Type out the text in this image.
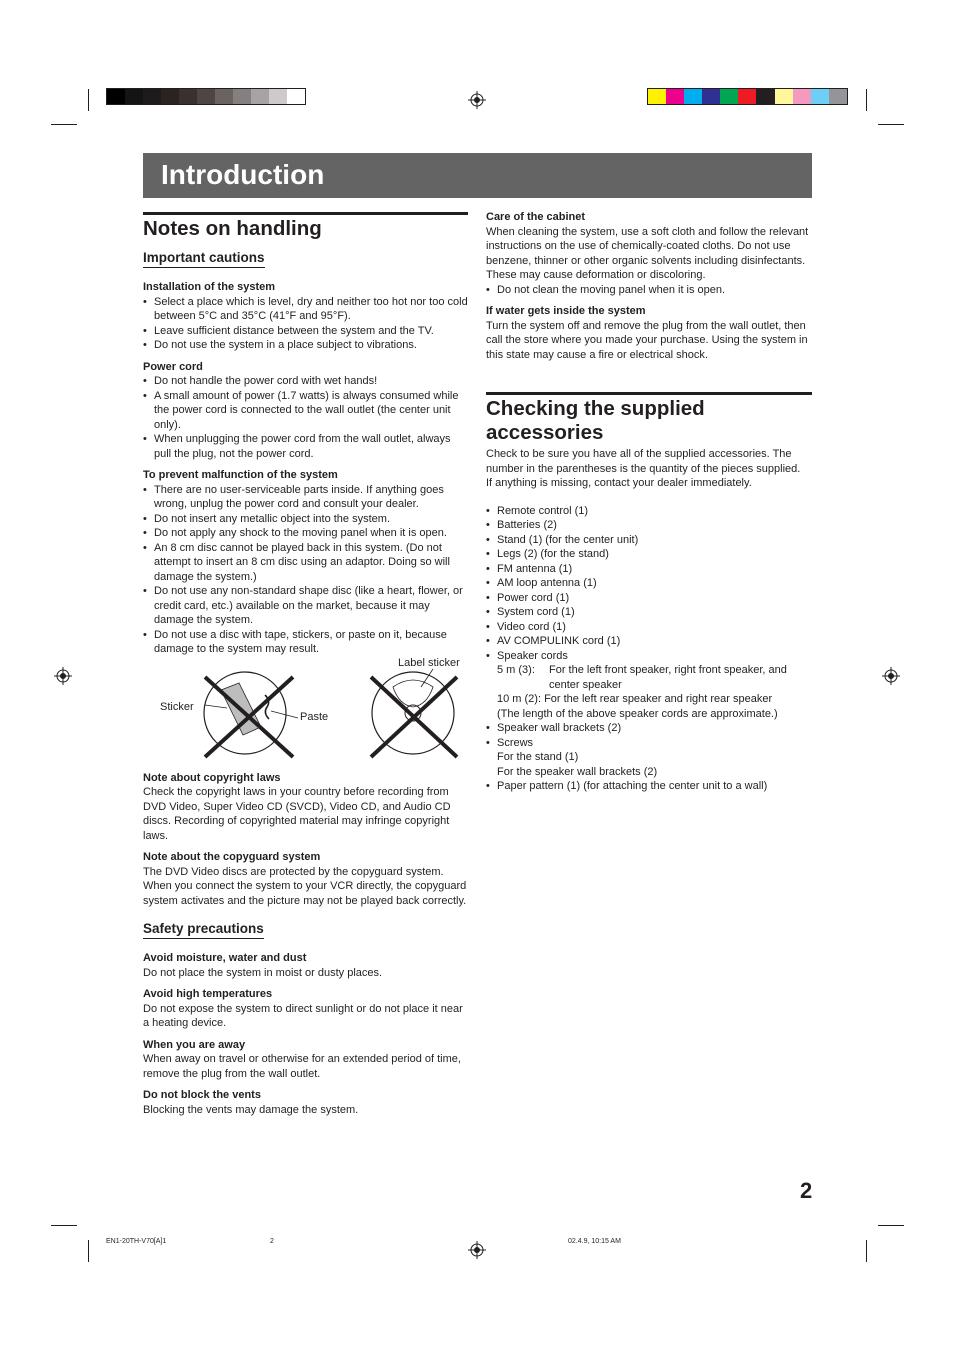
Introduction
Notes on handling
Important cautions
Installation of the system
• Select a place which is level, dry and neither too hot nor too cold between 5°C and 35°C (41°F and 95°F).
• Leave sufficient distance between the system and the TV.
• Do not use the system in a place subject to vibrations.
Power cord
• Do not handle the power cord with wet hands!
• A small amount of power (1.7 watts) is always consumed while the power cord is connected to the wall outlet (the center unit only).
• When unplugging the power cord from the wall outlet, always pull the plug, not the power cord.
To prevent malfunction of the system
• There are no user-serviceable parts inside. If anything goes wrong, unplug the power cord and consult your dealer.
• Do not insert any metallic object into the system.
• Do not apply any shock to the moving panel when it is open.
• An 8 cm disc cannot be played back in this system. (Do not attempt to insert an 8 cm disc using an adaptor. Doing so will damage the system.)
• Do not use any non-standard shape disc (like a heart, flower, or credit card, etc.) available on the market, because it may damage the system.
• Do not use a disc with tape, stickers, or paste on it, because damage to the system may result.
Sticker
Paste
Label sticker
Note about copyright laws

Check the copyright laws in your country before recording from DVD Video, Super Video CD (SVCD), Video CD, and Audio CD discs. Recording of copyrighted material may infringe copyright laws.

Note about the copyguard system

The DVD Video discs are protected by the copyguard system. When you connect the system to your VCR directly, the copyguard system activates and the picture may not be played back correctly.

Safety precautions
Avoid moisture, water and dust

Do not place the system in moist or dusty places.

Avoid high temperatures

Do not expose the system to direct sunlight or do not place it near a heating device.

When you are away

When away on travel or otherwise for an extended period of time, remove the plug from the wall outlet.

Do not block the vents

Blocking the vents may damage the system.

Care of the cabinet

When cleaning the system, use a soft cloth and follow the relevant instructions on the use of chemically-coated cloths. Do not use benzene, thinner or other organic solvents including disinfectants. These may cause deformation or discoloring.

• Do not clean the moving panel when it is open.
If water gets inside the system

Turn the system off and remove the plug from the wall outlet, then call the store where you made your purchase. Using the system in this state may cause a fire or electrical shock.

Checking the supplied accessories

Check to be sure you have all of the supplied accessories. The number in the parentheses is the quantity of the pieces supplied.

If anything is missing, contact your dealer immediately.

• Remote control (1)
• Batteries (2)
• Stand (1) (for the center unit)
• Legs (2) (for the stand)
• FM antenna (1)
• AM loop antenna (1)
• Power cord (1)
• System cord (1)
• Video cord (1)
• AV COMPULINK cord (1)
• Speaker cords
5 m (3):	For the left front speaker, right front speaker, and center speaker

10 m (2): For the left rear speaker and right rear speaker

(The length of the above speaker cords are approximate.)

• Speaker wall brackets (2)
• Screws

For the stand (1)

For the speaker wall brackets (2)

• Paper pattern (1) (for attaching the center unit to a wall)
2
EN1-20TH-V70[A]1	2	02.4.9, 10:15 AM
